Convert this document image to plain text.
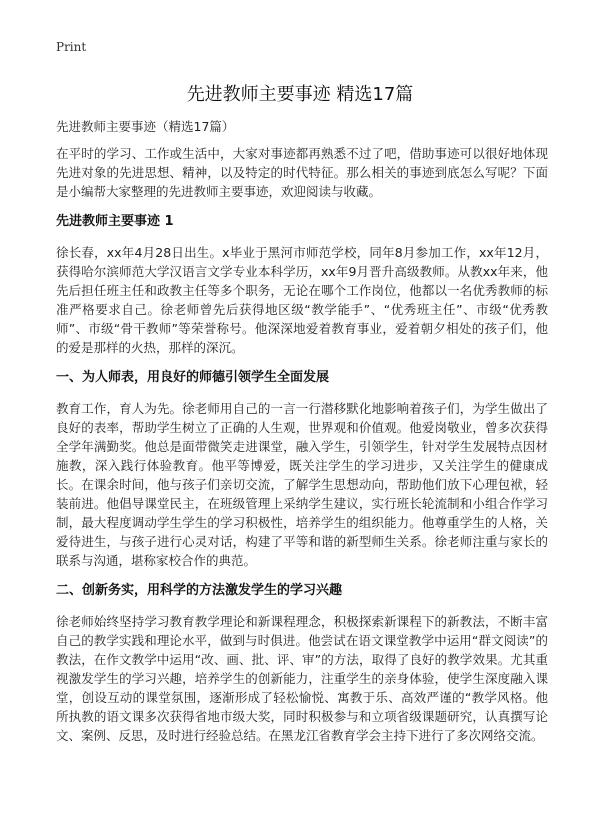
Print
先进教师主要事迹 精选17篇

先进教师主要事迹（精选17篇）

在平时的学习、工作或生活中，大家对事迹都再熟悉不过了吧，借助事迹可以很好地体现先进对象的先进思想、精神，以及特定的时代特征。那么相关的事迹到底怎么写呢？下面是小编帮大家整理的先进教师主要事迹，欢迎阅读与收藏。

先进教师主要事迹 1

徐长春，xx年4月28日出生。x毕业于黑河市师范学校，同年8月参加工作，xx年12月，获得哈尔滨师范大学汉语言文学专业本科学历，xx年9月晋升高级教师。从教xx年来，他先后担任班主任和政教主任等多个职务，无论在哪个工作岗位，他都以一名优秀教师的标准严格要求自己。徐老师曾先后获得地区级“教学能手”、“优秀班主任”、市级“优秀教师”、市级“骨干教师”等荣誉称号。他深深地爱着教育事业，爱着朝夕相处的孩子们，他的爱是那样的火热，那样的深沉。

一、为人师表，用良好的师德引领学生全面发展

教育工作，育人为先。徐老师用自己的一言一行潜移默化地影响着孩子们，为学生做出了良好的表率，帮助学生树立了正确的人生观，世界观和价值观。他爱岗敬业，曾多次获得全学年满勤奖。他总是面带微笑走进课堂，融入学生，引领学生，针对学生发展特点因材施教，深入践行体验教育。他平等博爱，既关注学生的学习进步，又关注学生的健康成长。在课余时间，他与孩子们亲切交流，了解学生思想动向，帮助他们放下心理包袱，轻装前进。他倡导课堂民主，在班级管理上采纳学生建议，实行班长轮流制和小组合作学习制，最大程度调动学生学生的学习积极性，培养学生的组织能力。他尊重学生的人格，关爱待进生，与孩子进行心灵对话，构建了平等和谐的新型师生关系。徐老师注重与家长的联系与沟通，堪称家校合作的典范。

二、创新务实，用科学的方法激发学生的学习兴趣

徐老师始终坚持学习教育教学理论和新课程理念，积极探索新课程下的新教法，不断丰富自己的教学实践和理论水平，做到与时俱进。他尝试在语文课堂教学中运用“群文阅读”的教法，在作文教学中运用“改、画、批、评、审”的方法，取得了良好的教学效果。尤其重视激发学生的学习兴趣，培养学生的创新能力，注重学生的亲身体验，使学生深度融入课堂，创设互动的课堂氛围，逐渐形成了轻松愉悦、寓教于乐、高效严谨的“教学风格。他所执教的语文课多次获得省地市级大奖，同时积极参与和立项省级课题研究，认真撰写论文、案例、反思，及时进行经验总结。在黑龙江省教育学会主持下进行了多次网络交流。
